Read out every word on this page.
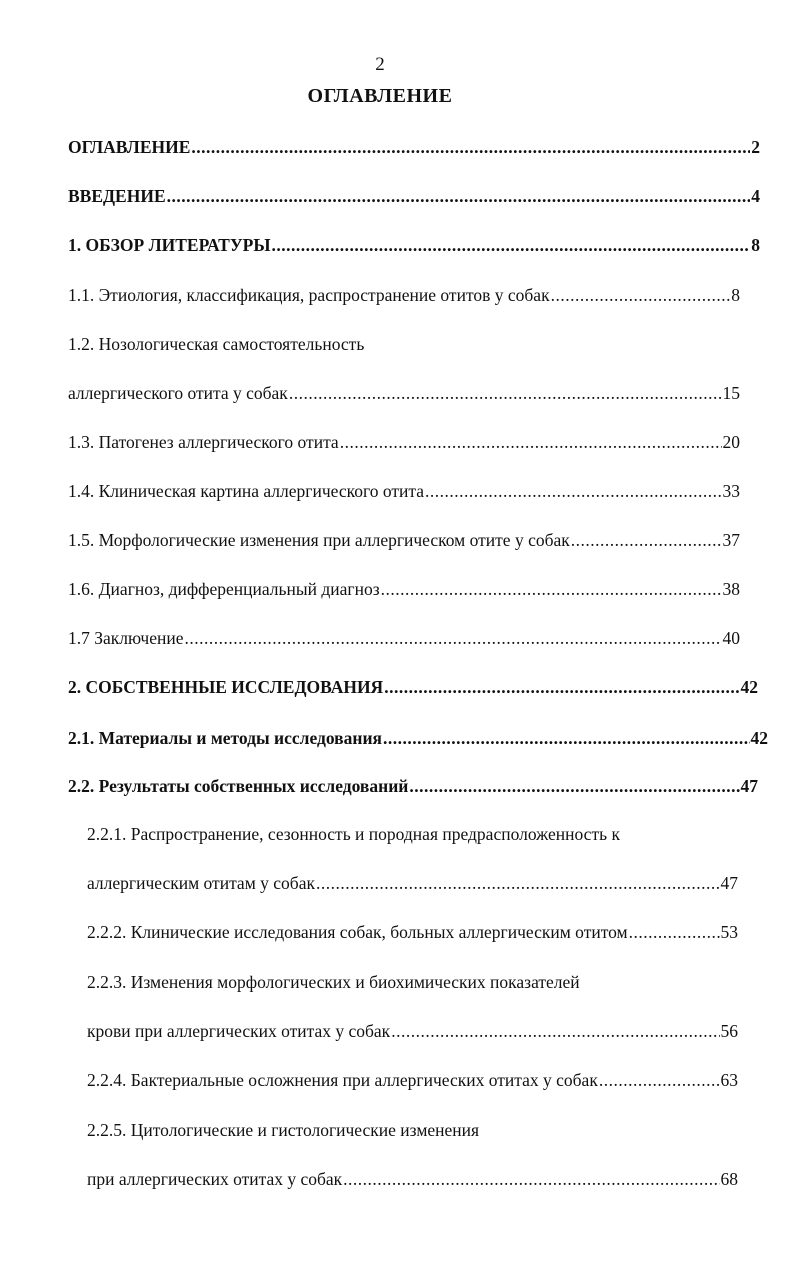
2
ОГЛАВЛЕНИЕ
ОГЛАВЛЕНИЕ .....	2
ВВЕДЕНИЕ .....	4
1. ОБЗОР ЛИТЕРАТУРЫ .....	8
1.1. Этиология, классификация, распространение отитов у собак .....	8
1.2. Нозологическая самостоятельность
аллергического отита у собак .....	15
1.3. Патогенез аллергического отита .....	20
1.4. Клиническая картина аллергического отита .....	33
1.5. Морфологические изменения при аллергическом отите у собак .....	37
1.6. Диагноз, дифференциальный диагноз .....	38
1.7 Заключение .....	40
2. СОБСТВЕННЫЕ ИССЛЕДОВАНИЯ .....	42
2.1. Материалы и методы исследования .....	42
2.2. Результаты собственных исследований .....	47
2.2.1. Распространение, сезонность и породная предрасположенность к
аллергическим отитам у собак .....	47
2.2.2. Клинические исследования собак, больных аллергическим отитом .....	53
2.2.3. Изменения морфологических и биохимических показателей
крови при аллергических отитах у собак .....	56
2.2.4. Бактериальные осложнения при аллергических отитах у собак .....	63
2.2.5. Цитологические и гистологические изменения
при аллергических отитах у собак .....	68
